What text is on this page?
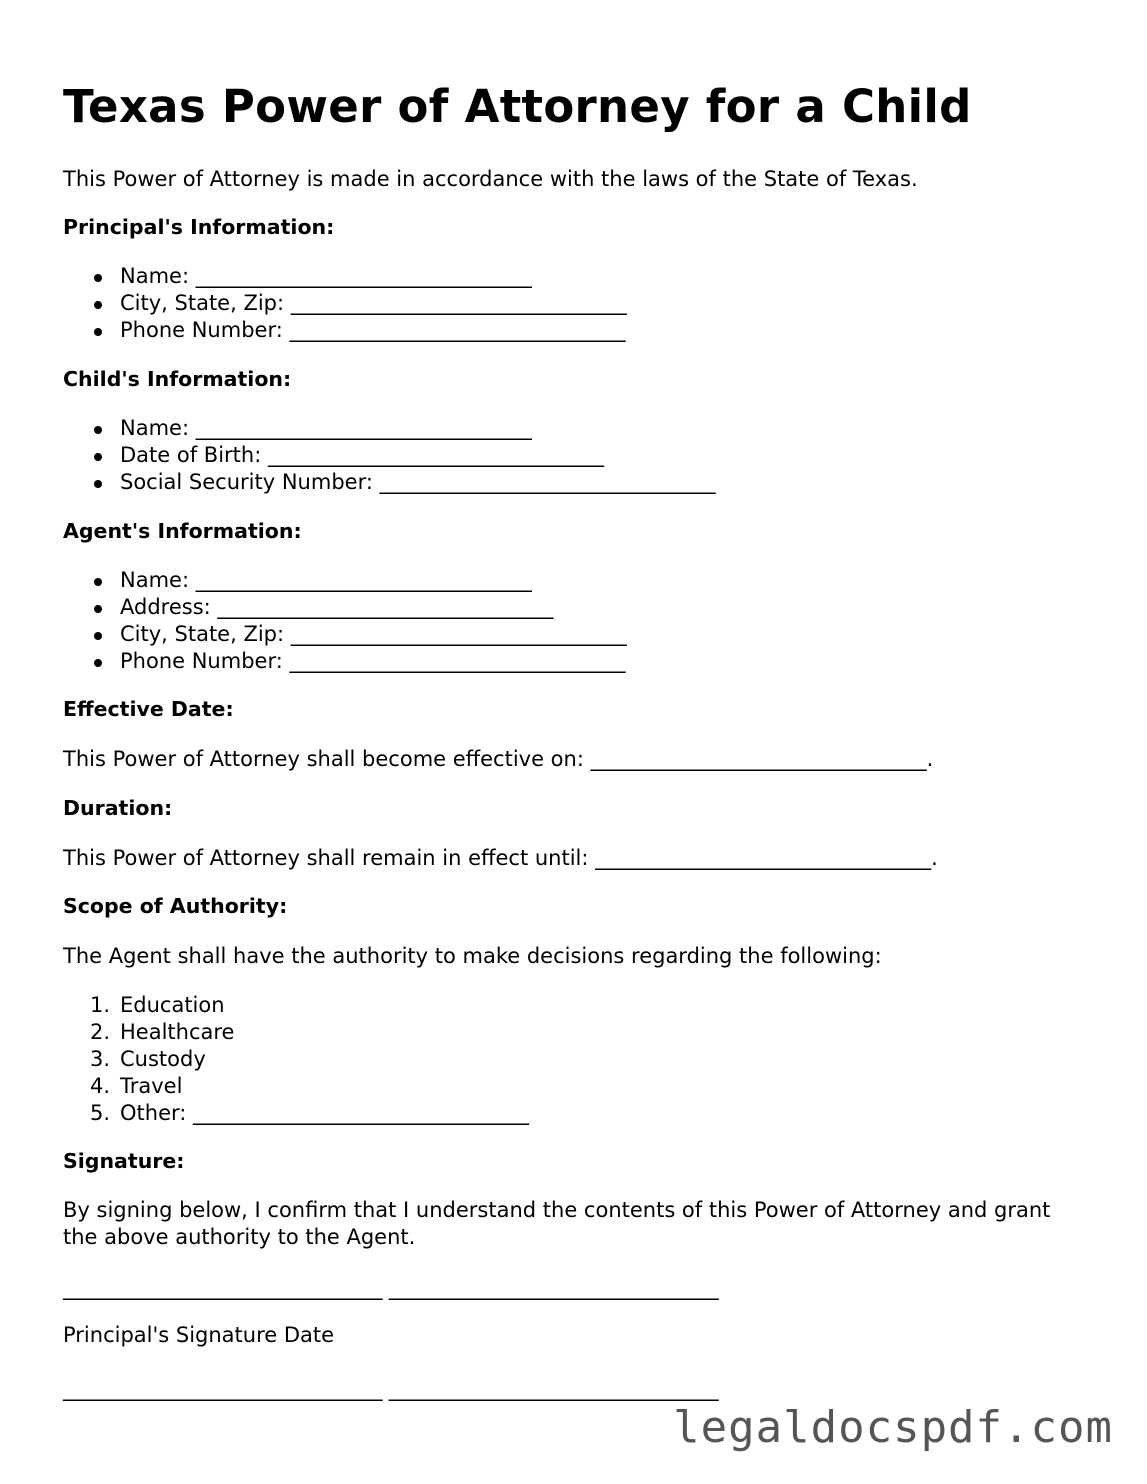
Texas Power of Attorney for a Child

This Power of Attorney is made in accordance with the laws of the State of Texas.

Principal's Information:

Name: ________________________________
City, State, Zip: ________________________________
Phone Number: ________________________________

Child's Information:

Name: ________________________________
Date of Birth: ________________________________
Social Security Number: ________________________________

Agent's Information:

Name: ________________________________
Address: ________________________________
City, State, Zip: ________________________________
Phone Number: ________________________________

Effective Date:

This Power of Attorney shall become effective on: ________________________________.

Duration:

This Power of Attorney shall remain in effect until: ________________________________.

Scope of Authority:

The Agent shall have the authority to make decisions regarding the following:

1. Education
2. Healthcare
3. Custody
4. Travel
5. Other: ________________________________

Signature:

By signing below, I confirm that I understand the contents of this Power of Attorney and grant the above authority to the Agent.

_______________________________ ________________________________

Principal's Signature Date

_______________________________ ________________________________
legaldocspdf.com
